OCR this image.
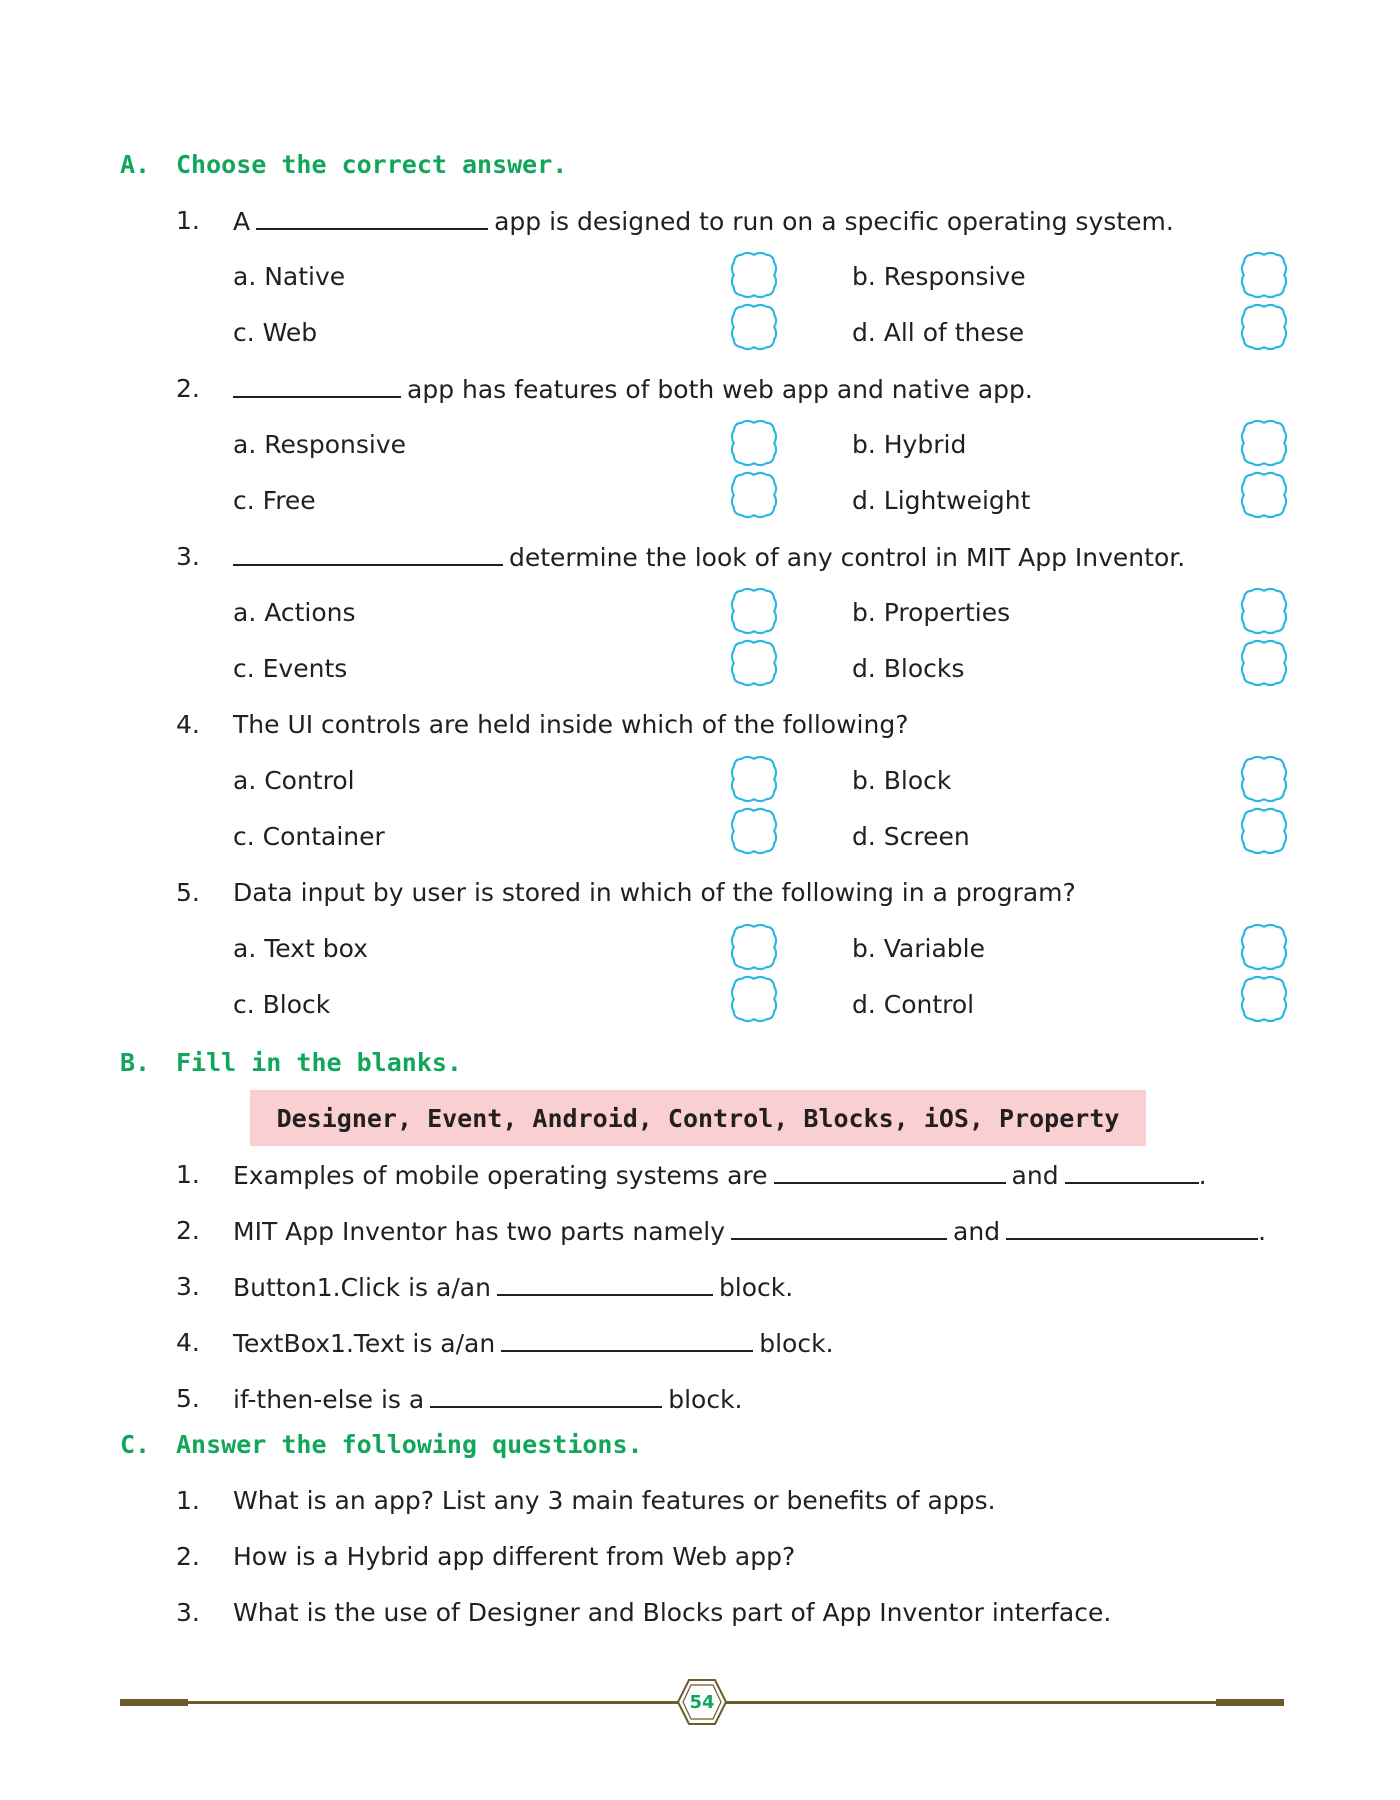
A. Choose the correct answer.
1. A	app is designed to run on a specific operating system.
a. Native	b. Responsive
c. Web	d. All of these
2.	app has features of both web app and native app.
a. Responsive	b. Hybrid
c. Free	d. Lightweight
3.	determine the look of any control in MIT App Inventor.
a. Actions	b. Properties
c. Events	d. Blocks
4. The UI controls are held inside which of the following?
a. Control	b. Block
c. Container	d. Screen
5. Data input by user is stored in which of the following in a program?
a. Text box	b. Variable
c. Block	d. Control
B. Fill in the blanks.
Designer, Event, Android, Control, Blocks, iOS, Property
1. Examples of mobile operating systems are	and	.
2. MIT App Inventor has two parts namely	and	.
3. Button1.Click is a/an	block.
4. TextBox1.Text is a/an	block.
5. if-then-else is a	block.
C. Answer the following questions.
1. What is an app? List any 3 main features or benefits of apps.
2. How is a Hybrid app different from Web app?
3. What is the use of Designer and Blocks part of App Inventor interface.
54
